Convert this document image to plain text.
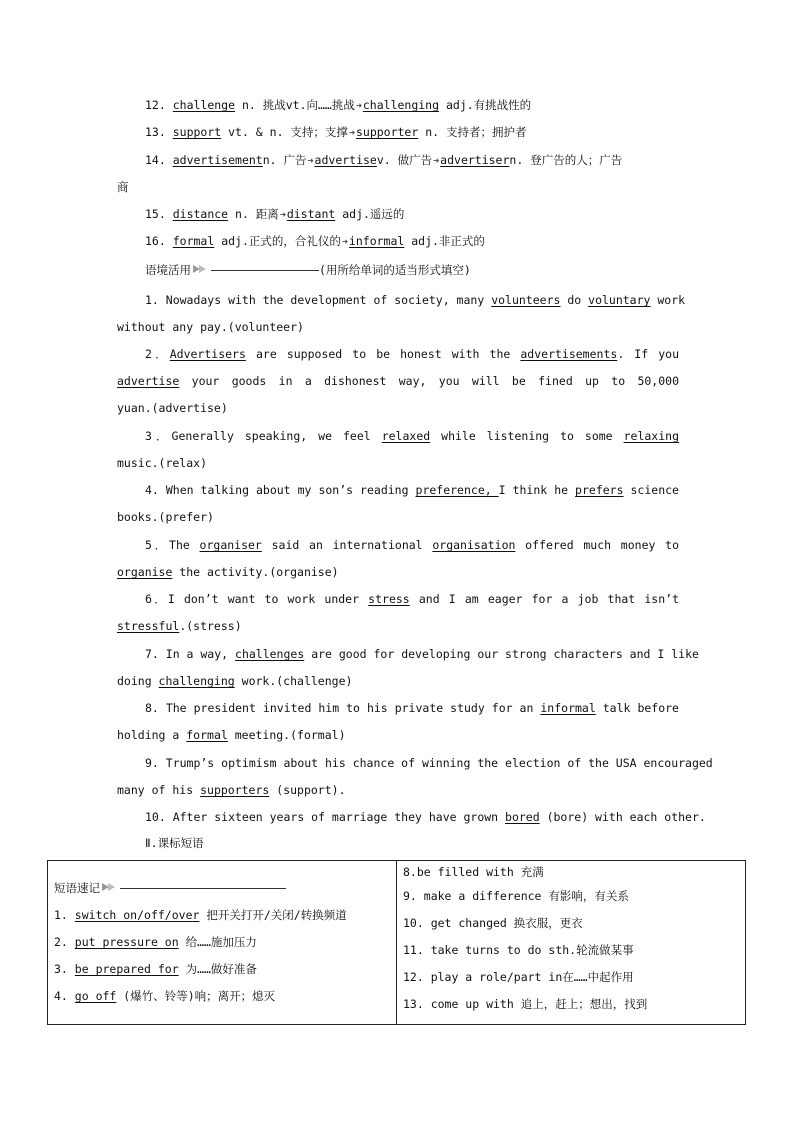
12. challenge n. 挑战vt.向……挑战➜challenging adj.有挑战性的
13. support vt. & n. 支持；支撑➜supporter n. 支持者；拥护者
14. advertisementn. 广告➜advertisev. 做广告➜advertisern. 登广告的人；广告
商
15. distance n. 距离➜distant adj.遥远的
16. formal adj.正式的，合礼仪的➜informal adj.非正式的
语境活用	(用所给单词的适当形式填空)
1. Nowadays with the development of society, many volunteers do voluntary work
without any pay.(volunteer)
2．Advertisers are supposed to be honest with the advertisements. If you
advertise your goods in a dishonest way, you will be fined up to 50,000
yuan.(advertise)
3．Generally speaking, we feel relaxed while listening to some relaxing
music.(relax)
4. When talking about my son’s reading preference, I think he prefers science
books.(prefer)
5．The organiser said an international organisation offered much money to
organise the activity.(organise)
6．I don’t want to work under stress and I am eager for a job that isn’t
stressful.(stress)
7. In a way, challenges are good for developing our strong characters and I like
doing challenging work.(challenge)
8. The president invited him to his private study for an informal talk before
holding a formal meeting.(formal)
9. Trump’s optimism about his chance of winning the election of the USA encouraged
many of his supporters (support).
10. After sixteen years of marriage they have grown bored (bore) with each other.
Ⅱ.课标短语
短语速记
1. switch on/off/over 把开关打开/关闭/转换频道
2. put pressure on 给……施加压力
3. be prepared for 为……做好准备
4. go off (爆竹、铃等)响；离开；熄灭

8.be filled with 充满
9. make a difference 有影响，有关系
10. get changed 换衣服，更衣
11. take turns to do sth.轮流做某事
12. play a role/part in在……中起作用
13. come up with 追上，赶上；想出，找到
